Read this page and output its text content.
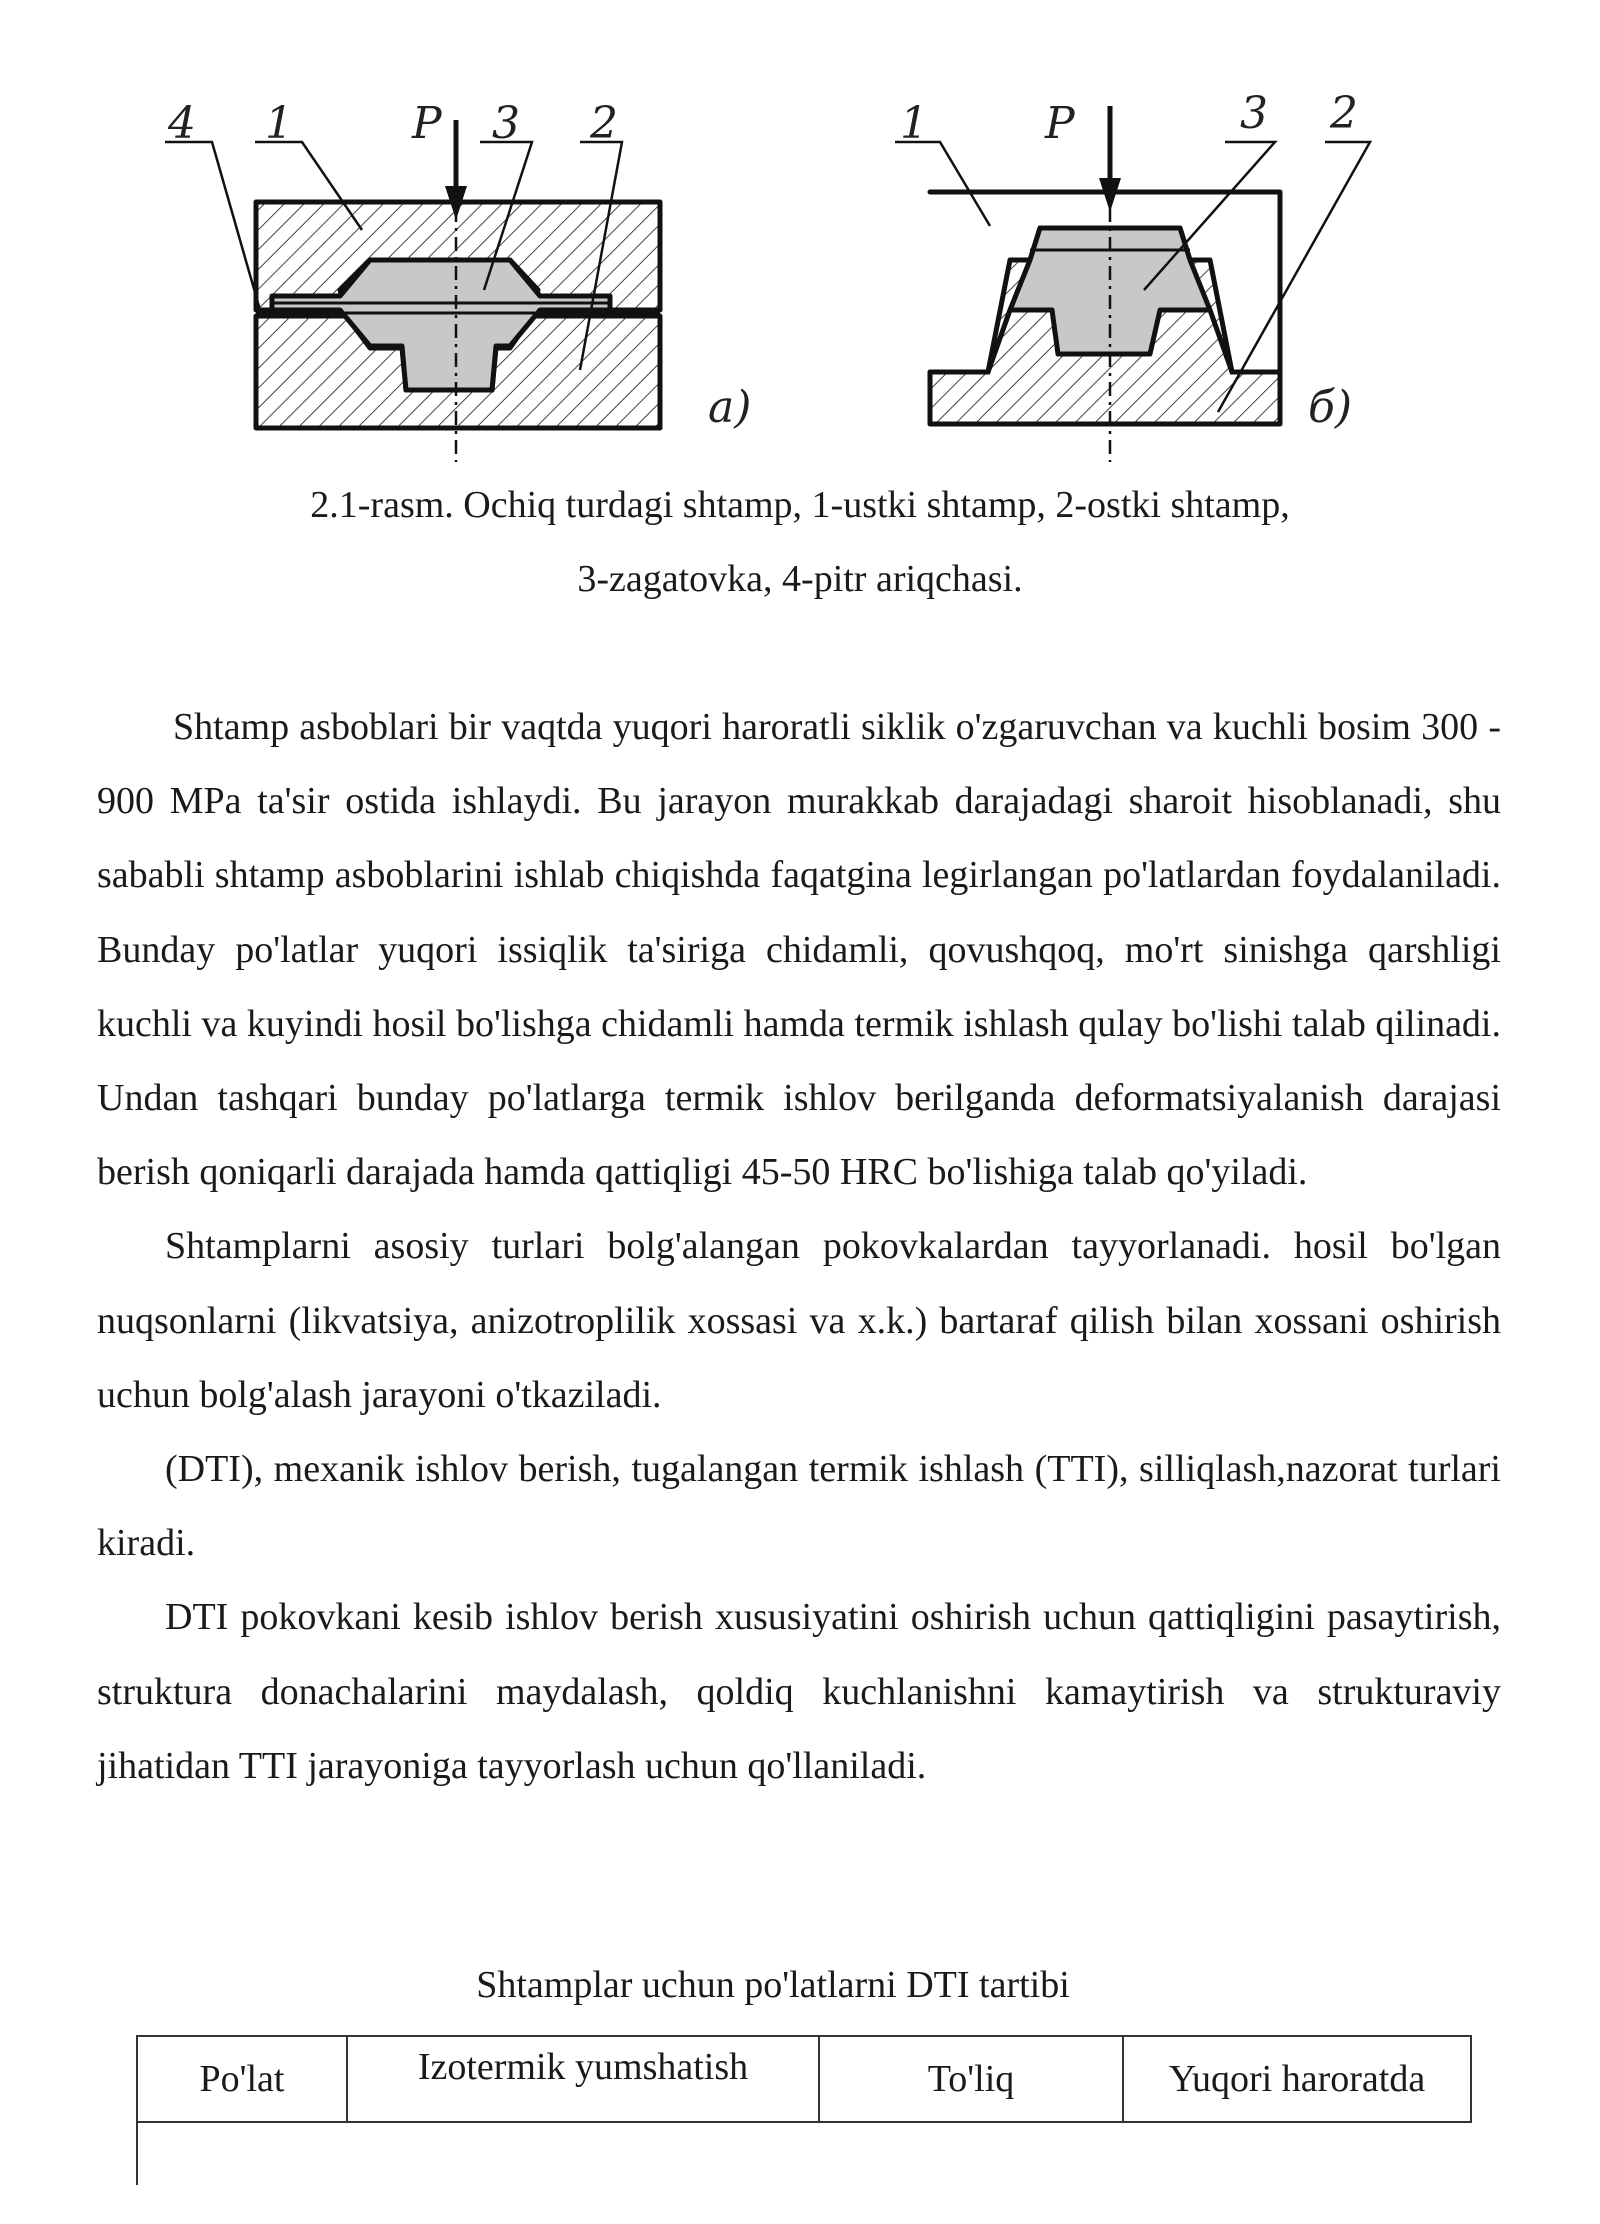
4 1	P 3 2
а)
1	P	3 2
б)
2.1-rasm. Ochiq turdagi shtamp, 1-ustki shtamp, 2-ostki shtamp,
3-zagatovka, 4-pitr ariqchasi.

Shtamp asboblari bir vaqtda yuqori haroratli siklik o'zgaruvchan va kuchli bosim 300 - 900 MPa ta'sir ostida ishlaydi. Bu jarayon murakkab darajadagi sharoit hisoblanadi, shu sababli shtamp asboblarini ishlab chiqishda faqatgina legirlangan po'latlardan foydalaniladi. Bunday po'latlar yuqori issiqlik ta'siriga chidamli, qovushqoq, mo'rt sinishga qarshligi kuchli va kuyindi hosil bo'lishga chidamli hamda termik ishlash qulay bo'lishi talab qilinadi. Undan tashqari bunday po'latlarga termik ishlov berilganda deformatsiyalanish darajasi berish qoniqarli darajada hamda qattiqligi 45-50 HRC bo'lishiga talab qo'yiladi.

Shtamplarni asosiy turlari bolg'alangan pokovkalardan tayyorlanadi. hosil bo'lgan nuqsonlarni (likvatsiya, anizotroplilik xossasi va x.k.) bartaraf qilish bilan xossani oshirish uchun bolg'alash jarayoni o'tkaziladi.

(DTI), mexanik ishlov berish, tugalangan termik ishlash (TTI), silliqlash,nazorat turlari kiradi.

DTI pokovkani kesib ishlov berish xususiyatini oshirish uchun qattiqligini pasaytirish, struktura donachalarini maydalash, qoldiq kuchlanishni kamaytirish va strukturaviy jihatidan TTI jarayoniga tayyorlash uchun qo'llaniladi.

Shtamplar uchun po'latlarni DTI tartibi
Po'lat	Izotermik yumshatish	To'liq	Yuqori haroratda
